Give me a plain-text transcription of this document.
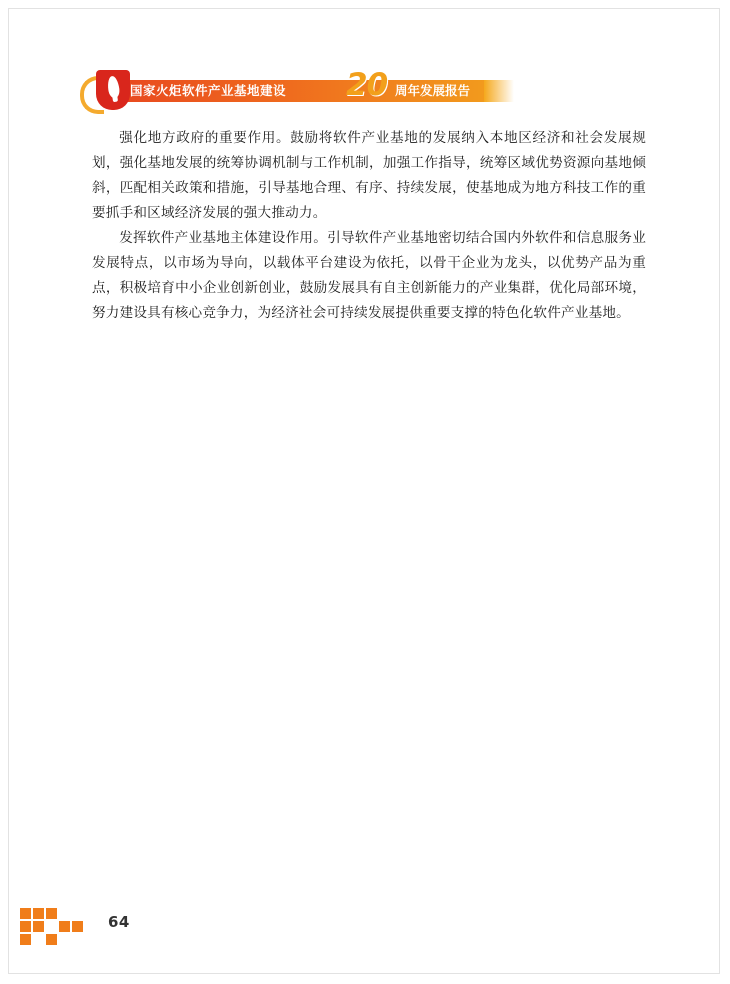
国家火炬软件产业基地建设 20 周年发展报告

强化地方政府的重要作用。鼓励将软件产业基地的发展纳入本地区经济和社会发展规划，强化基地发展的统筹协调机制与工作机制，加强工作指导，统筹区域优势资源向基地倾斜，匹配相关政策和措施，引导基地合理、有序、持续发展，使基地成为地方科技工作的重要抓手和区域经济发展的强大推动力。

发挥软件产业基地主体建设作用。引导软件产业基地密切结合国内外软件和信息服务业发展特点，以市场为导向，以载体平台建设为依托，以骨干企业为龙头，以优势产品为重点，积极培育中小企业创新创业，鼓励发展具有自主创新能力的产业集群，优化局部环境，努力建设具有核心竞争力，为经济社会可持续发展提供重要支撑的特色化软件产业基地。

64
